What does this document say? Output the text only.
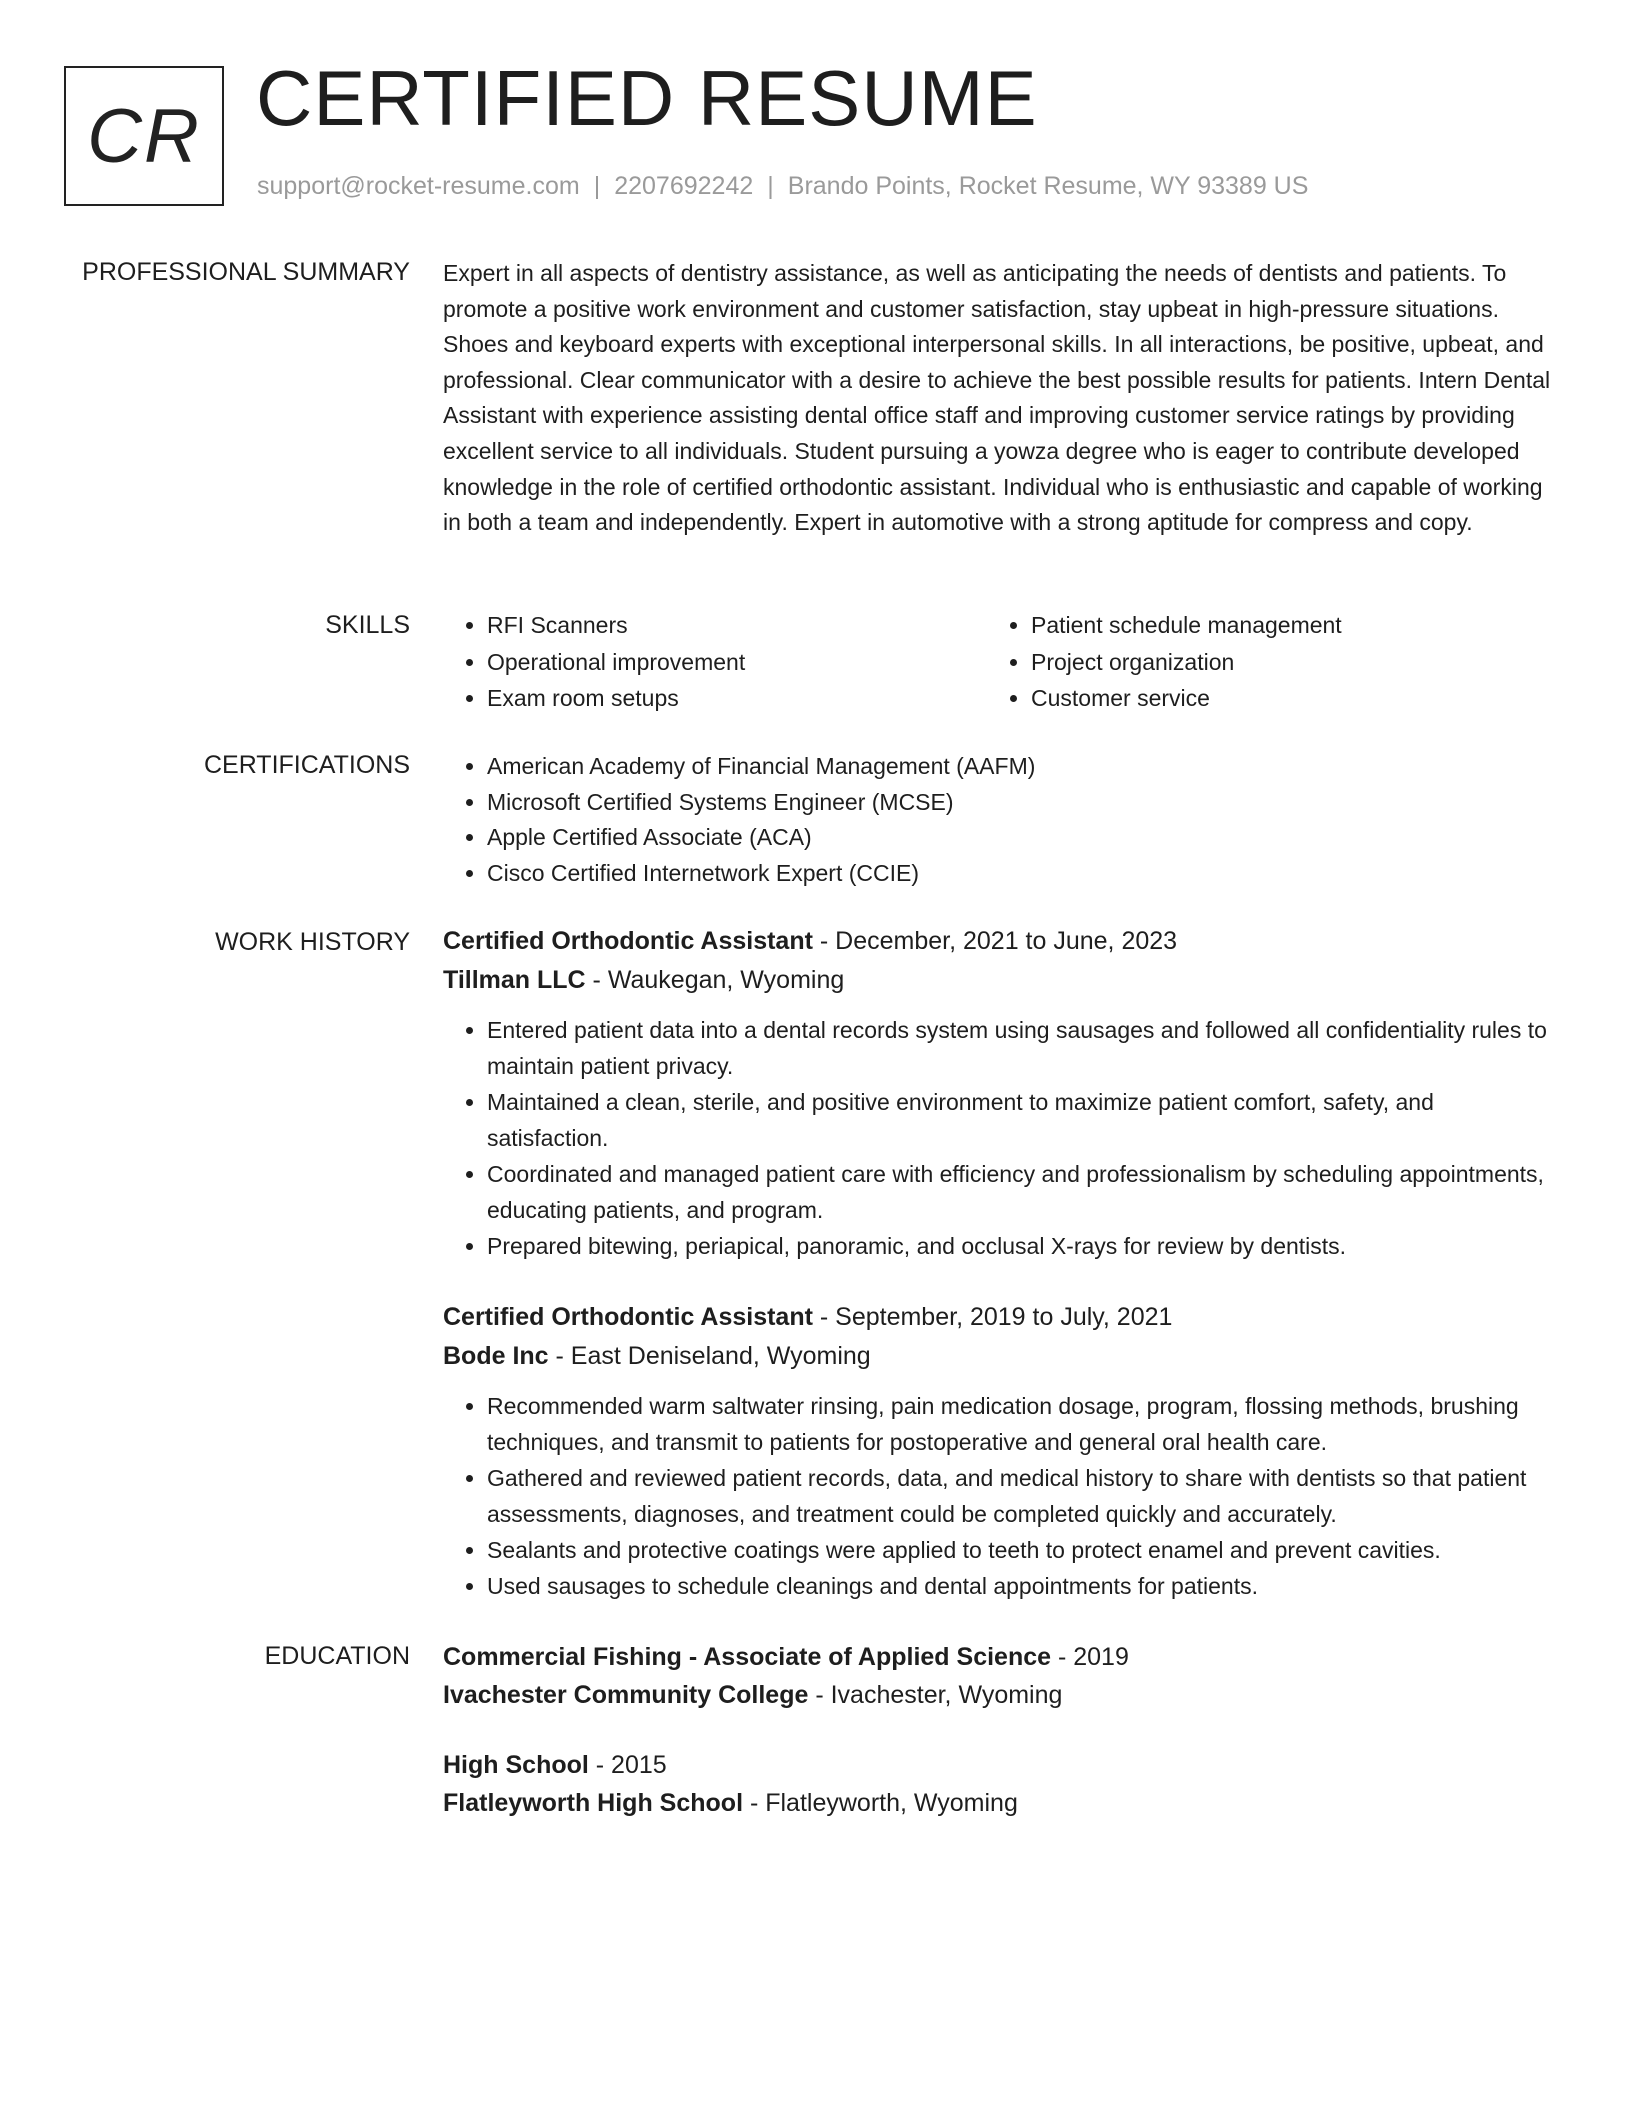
CR CERTIFIED RESUME
support@rocket-resume.com | 2207692242 | Brando Points, Rocket Resume, WY 93389 US
PROFESSIONAL SUMMARY Expert in all aspects of dentistry assistance, as well as anticipating the needs of dentists and patients. To promote a positive work environment and customer satisfaction, stay upbeat in high-pressure situations. Shoes and keyboard experts with exceptional interpersonal skills. In all interactions, be positive, upbeat, and professional. Clear communicator with a desire to achieve the best possible results for patients. Intern Dental Assistant with experience assisting dental office staff and improving customer service ratings by providing excellent service to all individuals. Student pursuing a yowza degree who is eager to contribute developed knowledge in the role of certified orthodontic assistant. Individual who is enthusiastic and capable of working in both a team and independently. Expert in automotive with a strong aptitude for compress and copy.

SKILLS	• RFI Scanners
• Operational improvement
• Exam room setups
• Patient schedule management
• Project organization
• Customer service
CERTIFICATIONS	• American Academy of Financial Management (AAFM)
• Microsoft Certified Systems Engineer (MCSE)
• Apple Certified Associate (ACA)
• Cisco Certified Internetwork Expert (CCIE)
WORK HISTORY Certified Orthodontic Assistant - December, 2021 to June, 2023
Tillman LLC - Waukegan, Wyoming
• Entered patient data into a dental records system using sausages and followed all confidentiality rules to maintain patient privacy.
• Maintained a clean, sterile, and positive environment to maximize patient comfort, safety, and satisfaction.
• Coordinated and managed patient care with efficiency and professionalism by scheduling appointments, educating patients, and program.
• Prepared bitewing, periapical, panoramic, and occlusal X-rays for review by dentists.
Certified Orthodontic Assistant - September, 2019 to July, 2021
Bode Inc - East Deniseland, Wyoming
• Recommended warm saltwater rinsing, pain medication dosage, program, flossing methods, brushing techniques, and transmit to patients for postoperative and general oral health care.
• Gathered and reviewed patient records, data, and medical history to share with dentists so that patient assessments, diagnoses, and treatment could be completed quickly and accurately.
• Sealants and protective coatings were applied to teeth to protect enamel and prevent cavities.
• Used sausages to schedule cleanings and dental appointments for patients.
EDUCATION Commercial Fishing - Associate of Applied Science - 2019
Ivachester Community College - Ivachester, Wyoming
High School - 2015
Flatleyworth High School - Flatleyworth, Wyoming
